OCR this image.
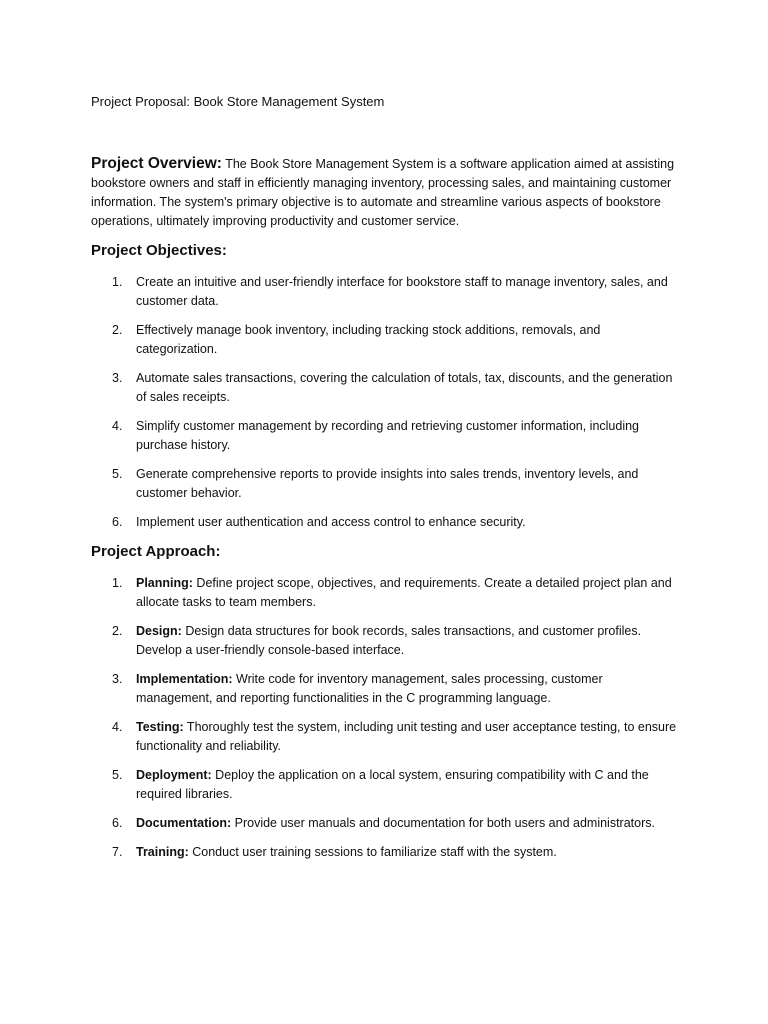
Project Proposal: Book Store Management System

Project Overview: The Book Store Management System is a software application aimed at assisting bookstore owners and staff in efficiently managing inventory, processing sales, and maintaining customer information. The system's primary objective is to automate and streamline various aspects of bookstore operations, ultimately improving productivity and customer service.

Project Objectives:
1. Create an intuitive and user-friendly interface for bookstore staff to manage inventory, sales, and customer data.
2. Effectively manage book inventory, including tracking stock additions, removals, and categorization.
3. Automate sales transactions, covering the calculation of totals, tax, discounts, and the generation of sales receipts.
4. Simplify customer management by recording and retrieving customer information, including purchase history.
5. Generate comprehensive reports to provide insights into sales trends, inventory levels, and customer behavior.
6. Implement user authentication and access control to enhance security.
Project Approach:
1. Planning: Define project scope, objectives, and requirements. Create a detailed project plan and allocate tasks to team members.
2. Design: Design data structures for book records, sales transactions, and customer profiles. Develop a user-friendly console-based interface.
3. Implementation: Write code for inventory management, sales processing, customer management, and reporting functionalities in the C programming language.
4. Testing: Thoroughly test the system, including unit testing and user acceptance testing, to ensure functionality and reliability.
5. Deployment: Deploy the application on a local system, ensuring compatibility with C and the required libraries.
6. Documentation: Provide user manuals and documentation for both users and administrators.
7. Training: Conduct user training sessions to familiarize staff with the system.
